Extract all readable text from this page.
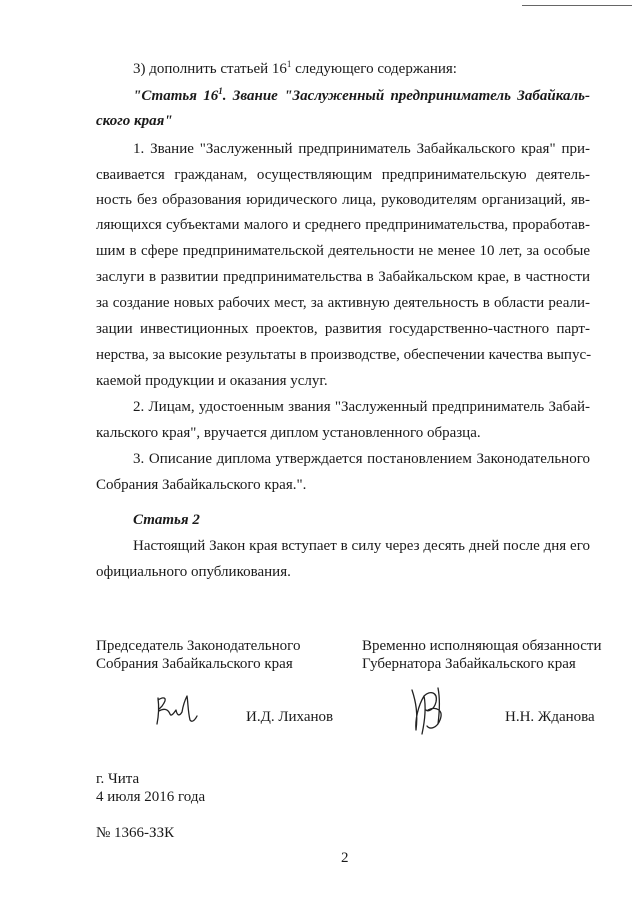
3) дополнить статьей $16^1$ следующего содержания:
"Статья $16^1$. Звание "Заслуженный предприниматель Забайкаль-
ского края"
1. Звание "Заслуженный предприниматель Забайкальского края" при-
сваивается гражданам, осуществляющим предпринимательскую деятель-
ность без образования юридического лица, руководителям организаций, яв-
ляющихся субъектами малого и среднего предпринимательства, проработав-
шим в сфере предпринимательской деятельности не менее 10 лет, за особые
заслуги в развитии предпринимательства в Забайкальском крае, в частности
за создание новых рабочих мест, за активную деятельность в области реали-
зации инвестиционных проектов, развития государственно-частного парт-
нерства, за высокие результаты в производстве, обеспечении качества выпус-
каемой продукции и оказания услуг.
2. Лицам, удостоенным звания "Заслуженный предприниматель Забай-
кальского края", вручается диплом установленного образца.
3. Описание диплома утверждается постановлением Законодательного
Собрания Забайкальского края.".
Статья 2
Настоящий Закон края вступает в силу через десять дней после дня его
официального опубликования.
Председатель Законодательного
Собрания Забайкальского края
Временно исполняющая обязанности
Губернатора Забайкальского края
И.Д. Лиханов	Н.Н. Жданова
г. Чита
4 июля 2016 года
№ 1366-ЗЗК
2
